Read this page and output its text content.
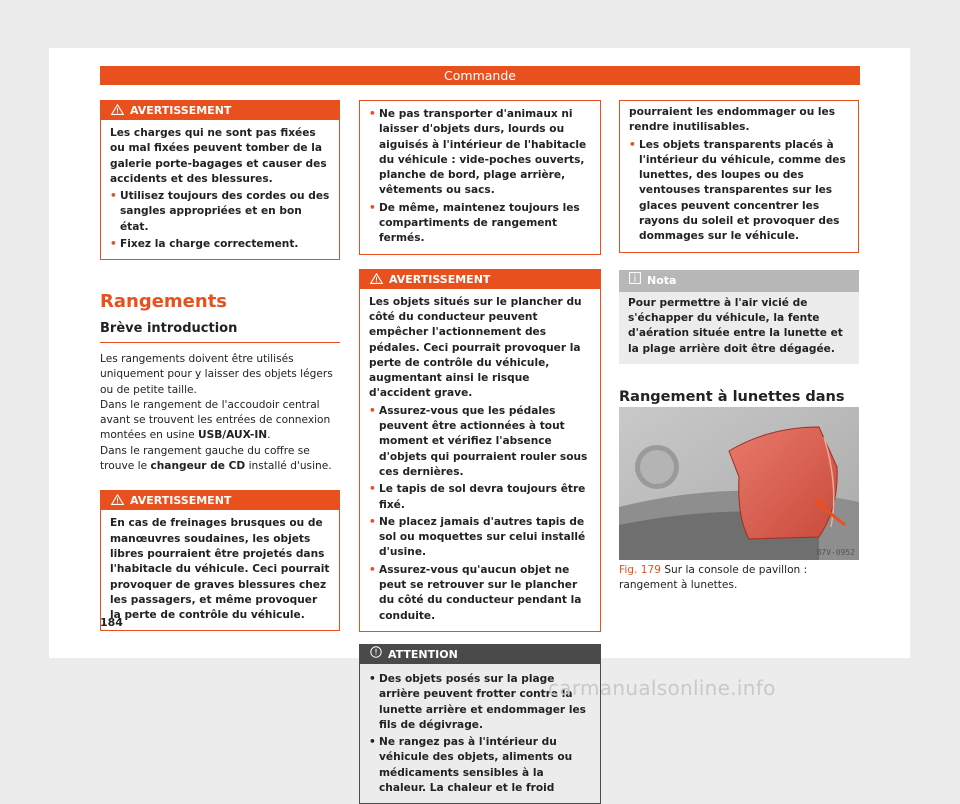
Commande
AVERTISSEMENT

Les charges qui ne sont pas fixées ou mal fixées peuvent tomber de la galerie porte-bagages et causer des accidents et des blessures.

• Utilisez toujours des cordes ou des sangles appropriées et en bon état.

• Fixez la charge correctement.

Rangements
Brève introduction

Les rangements doivent être utilisés uniquement pour y laisser des objets légers ou de petite taille.

Dans le rangement de l'accoudoir central avant se trouvent les entrées de connexion montées en usine USB/AUX-IN.

Dans le rangement gauche du coffre se trouve le changeur de CD installé d'usine.

AVERTISSEMENT

En cas de freinages brusques ou de manœuvres soudaines, les objets libres pourraient être projetés dans l'habitacle du véhicule. Ceci pourrait provoquer de graves blessures chez les passagers, et même provoquer la perte de contrôle du véhicule.

• Ne pas transporter d'animaux ni laisser d'objets durs, lourds ou aiguisés à l'intérieur de l'habitacle du véhicule : vide-poches ouverts, planche de bord, plage arrière, vêtements ou sacs.

• De même, maintenez toujours les compartiments de rangement fermés.

AVERTISSEMENT

Les objets situés sur le plancher du côté du conducteur peuvent empêcher l'actionnement des pédales. Ceci pourrait provoquer la perte de contrôle du véhicule, augmentant ainsi le risque d'accident grave.

• Assurez-vous que les pédales peuvent être actionnées à tout moment et vérifiez l'absence d'objets qui pourraient rouler sous ces dernières.

• Le tapis de sol devra toujours être fixé.

• Ne placez jamais d'autres tapis de sol ou moquettes sur celui installé d'usine.

• Assurez-vous qu'aucun objet ne peut se retrouver sur le plancher du côté du conducteur pendant la conduite.

ATTENTION

• Des objets posés sur la plage arrière peuvent frotter contre la lunette arrière et endommager les fils de dégivrage.

• Ne rangez pas à l'intérieur du véhicule des objets, aliments ou médicaments sensibles à la chaleur. La chaleur et le froid

pourraient les endommager ou les rendre inutilisables.

• Les objets transparents placés à l'intérieur du véhicule, comme des lunettes, des loupes ou des ventouses transparentes sur les glaces peuvent concentrer les rayons du soleil et provoquer des dommages sur le véhicule.

Nota

Pour permettre à l'air vicié de s'échapper du véhicule, la fente d'aération située entre la lunette et la plage arrière doit être dégagée.

Rangement à lunettes dans
B7V-0952
Fig. 179 Sur la console de pavillon : rangement à lunettes.
184
carmanualsonline.info
